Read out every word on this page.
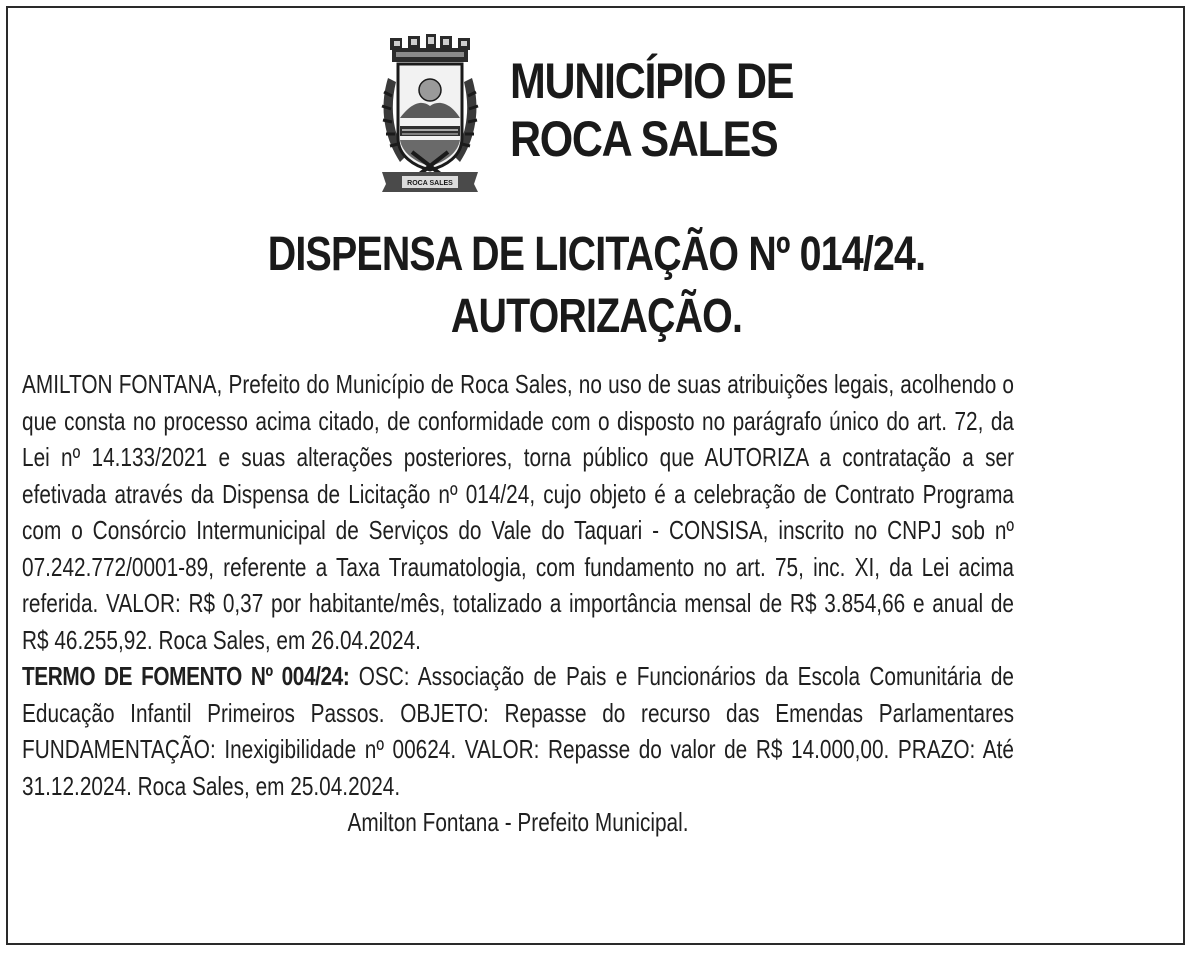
ROCA SALES
MUNICÍPIO DE
ROCA SALES
DISPENSA DE LICITAÇÃO Nº 014/24.
AUTORIZAÇÃO.

AMILTON FONTANA, Prefeito do Município de Roca Sales, no uso de suas atribuições legais, acolhendo o que consta no processo acima citado, de conformidade com o disposto no parágrafo único do art. 72, da Lei nº 14.133/2021 e suas alterações posteriores, torna público que AUTORIZA a contratação a ser efetivada através da Dispensa de Licitação nº 014/24, cujo objeto é a celebração de Contrato Programa com o Consórcio Intermunicipal de Serviços do Vale do Taquari - CONSISA, inscrito no CNPJ sob nº 07.242.772/0001-89, referente a Taxa Traumatologia, com fundamento no art. 75, inc. XI, da Lei acima referida. VALOR: R$ 0,37 por habitante/mês, totalizado a importância mensal de R$ 3.854,66 e anual de R$ 46.255,92. Roca Sales, em 26.04.2024.

TERMO DE FOMENTO Nº 004/24: OSC: Associação de Pais e Funcionários da Escola Comunitária de Educação Infantil Primeiros Passos. OBJETO: Repasse do recurso das Emendas Parlamentares FUNDAMENTAÇÃO: Inexigibilidade nº 00624. VALOR: Repasse do valor de R$ 14.000,00. PRAZO: Até 31.12.2024. Roca Sales, em 25.04.2024.

Amilton Fontana - Prefeito Municipal.
